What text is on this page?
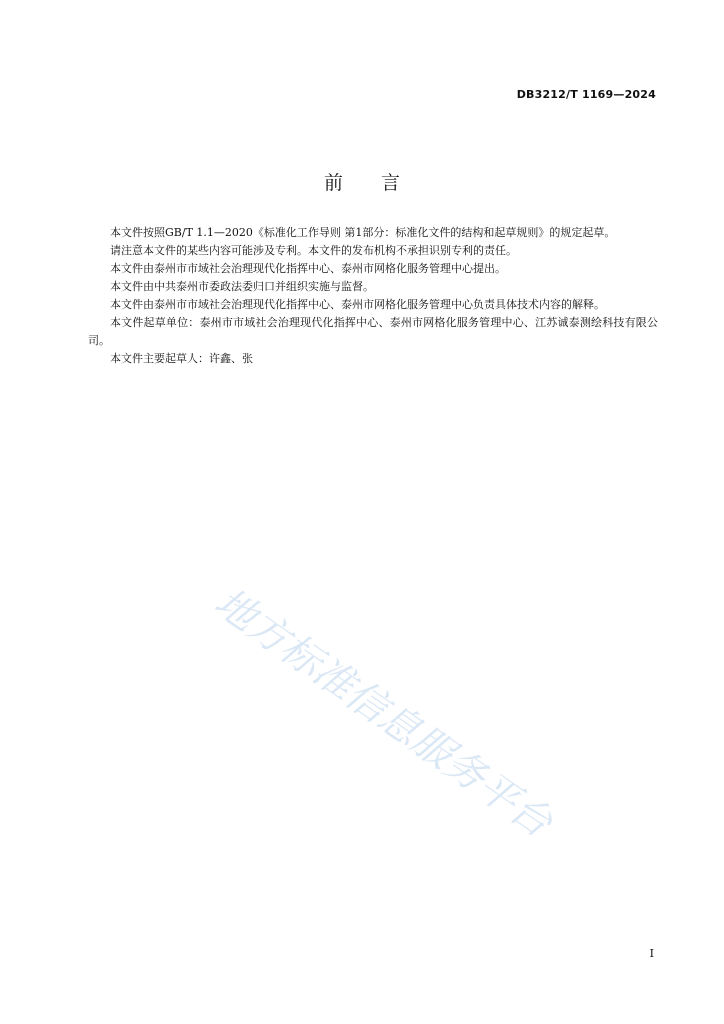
DB3212/T 1169—2024
前言

本文件按照GB/T 1.1—2020《标准化工作导则 第1部分：标准化文件的结构和起草规则》的规定起草。

请注意本文件的某些内容可能涉及专利。本文件的发布机构不承担识别专利的责任。

本文件由泰州市市域社会治理现代化指挥中心、泰州市网格化服务管理中心提出。

本文件由中共泰州市委政法委归口并组织实施与监督。

本文件由泰州市市域社会治理现代化指挥中心、泰州市网格化服务管理中心负责具体技术内容的解释。

本文件起草单位：泰州市市域社会治理现代化指挥中心、泰州市网格化服务管理中心、江苏诚泰测绘科技有限公司。

本文件主要起草人：许鑫、张

地方标准信息服务平台
I
